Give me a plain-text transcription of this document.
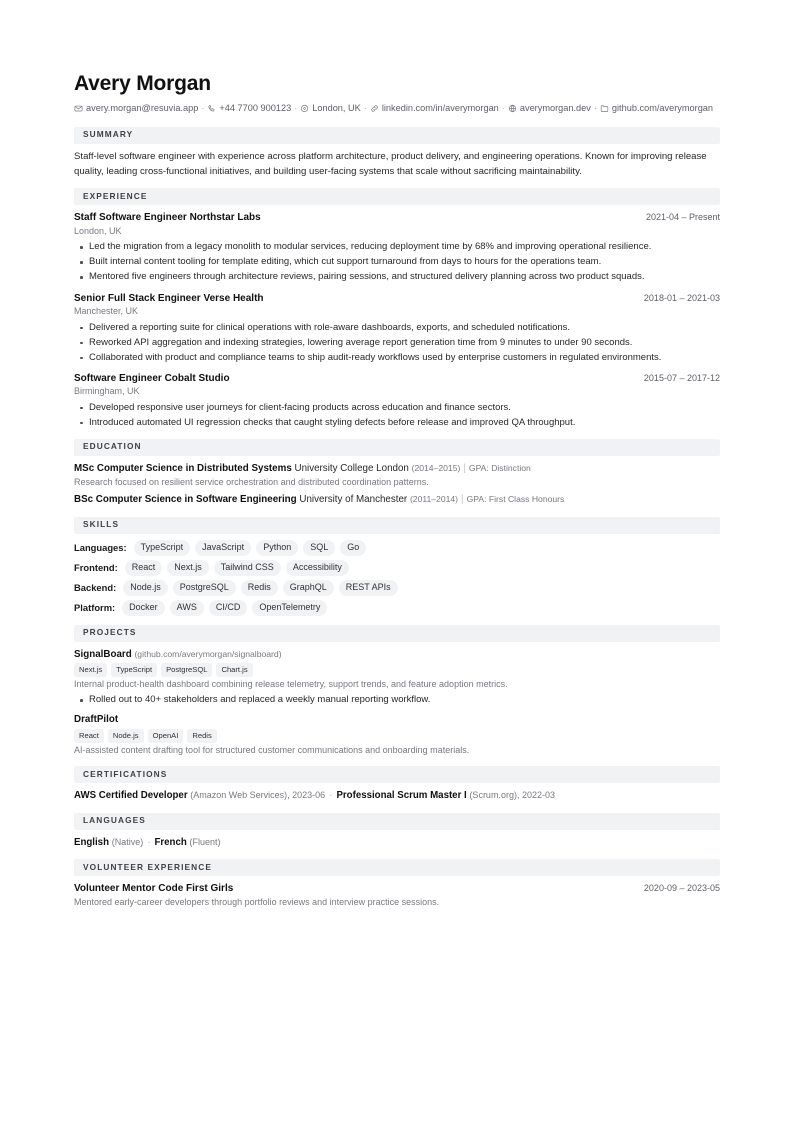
Avery Morgan
avery.morgan@resuvia.app · +44 7700 900123 · London, UK · linkedin.com/in/averymorgan · averymorgan.dev · github.com/averymorgan
SUMMARY

Staff-level software engineer with experience across platform architecture, product delivery, and engineering operations. Known for improving release quality, leading cross-functional initiatives, and building user-facing systems that scale without sacrificing maintainability.

EXPERIENCE
Staff Software Engineer Northstar Labs	2021-04 – Present
London, UK
Led the migration from a legacy monolith to modular services, reducing deployment time by 68% and improving operational resilience.
Built internal content tooling for template editing, which cut support turnaround from days to hours for the operations team.
Mentored five engineers through architecture reviews, pairing sessions, and structured delivery planning across two product squads.
Senior Full Stack Engineer Verse Health	2018-01 – 2021-03
Manchester, UK
Delivered a reporting suite for clinical operations with role-aware dashboards, exports, and scheduled notifications.
Reworked API aggregation and indexing strategies, lowering average report generation time from 9 minutes to under 90 seconds.
Collaborated with product and compliance teams to ship audit-ready workflows used by enterprise customers in regulated environments.
Software Engineer Cobalt Studio	2015-07 – 2017-12
Birmingham, UK
Developed responsive user journeys for client-facing products across education and finance sectors.
Introduced automated UI regression checks that caught styling defects before release and improved QA throughput.
EDUCATION
MSc Computer Science in Distributed Systems University College London (2014–2015) | GPA: Distinction
Research focused on resilient service orchestration and distributed coordination patterns.
BSc Computer Science in Software Engineering University of Manchester (2011–2014) | GPA: First Class Honours
SKILLS
Languages:	TypeScript	JavaScript	Python	SQL	Go
Frontend:	React	Next.js	Tailwind CSS	Accessibility
Backend:	Node.js	PostgreSQL	Redis	GraphQL	REST APIs
Platform:	Docker	AWS	CI/CD	OpenTelemetry
PROJECTS
SignalBoard (github.com/averymorgan/signalboard)
Next.js	TypeScript	PostgreSQL	Chart.js
Internal product-health dashboard combining release telemetry, support trends, and feature adoption metrics.
Rolled out to 40+ stakeholders and replaced a weekly manual reporting workflow.
DraftPilot
React	Node.js	OpenAI	Redis
AI-assisted content drafting tool for structured customer communications and onboarding materials.
CERTIFICATIONS
AWS Certified Developer (Amazon Web Services), 2023-06 · Professional Scrum Master I (Scrum.org), 2022-03
LANGUAGES
English (Native) · French (Fluent)
VOLUNTEER EXPERIENCE
Volunteer Mentor Code First Girls	2020-09 – 2023-05
Mentored early-career developers through portfolio reviews and interview practice sessions.
